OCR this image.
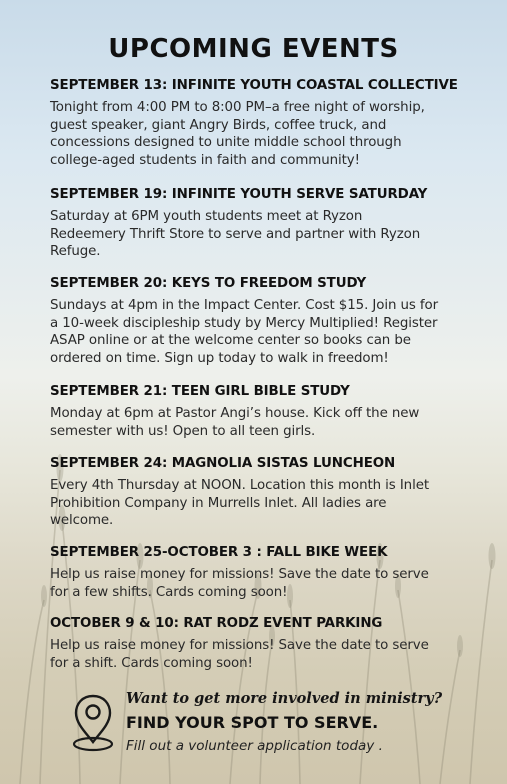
UPCOMING EVENTS
SEPTEMBER 13: INFINITE YOUTH COASTAL COLLECTIVE
Tonight from 4:00 PM to 8:00 PM–a free night of worship,
guest speaker, giant Angry Birds, coffee truck, and
concessions designed to unite middle school through
college-aged students in faith and community!
SEPTEMBER 19: INFINITE YOUTH SERVE SATURDAY
Saturday at 6PM youth students meet at Ryzon
Redeemery Thrift Store to serve and partner with Ryzon
Refuge.
SEPTEMBER 20: KEYS TO FREEDOM STUDY
Sundays at 4pm in the Impact Center. Cost $15. Join us for
a 10-week discipleship study by Mercy Multiplied! Register
ASAP online or at the welcome center so books can be
ordered on time. Sign up today to walk in freedom!
SEPTEMBER 21: TEEN GIRL BIBLE STUDY
Monday at 6pm at Pastor Angi’s house. Kick off the new
semester with us! Open to all teen girls.
SEPTEMBER 24: MAGNOLIA SISTAS LUNCHEON
Every 4th Thursday at NOON. Location this month is Inlet
Prohibition Company in Murrells Inlet. All ladies are
welcome.
SEPTEMBER 25-OCTOBER 3 : FALL BIKE WEEK
Help us raise money for missions! Save the date to serve
for a few shifts. Cards coming soon!
OCTOBER 9 & 10: RAT RODZ EVENT PARKING
Help us raise money for missions! Save the date to serve
for a shift. Cards coming soon!
Want to get more involved in ministry?
FIND YOUR SPOT TO SERVE.
Fill out a volunteer application today .
